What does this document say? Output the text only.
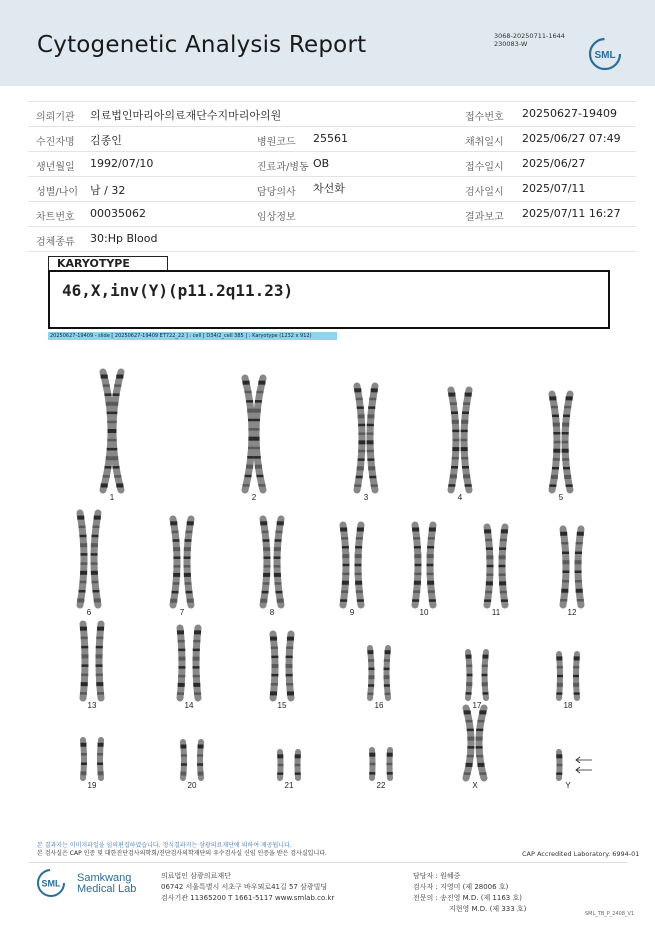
Cytogenetic Analysis Report	3068-20250711-1644
230083-W
SML
의뢰기관 의료법인마리아의료재단수지마리아의원	접수번호 20250627-19409
수진자명 김종인	병원코드 25561	채취일시 2025/06/27 07:49
생년월일 1992/07/10	진료과/병동 OB	접수일시 2025/06/27
성별/나이 남 / 32	담당의사 차선화	검사일시 2025/07/11
차트번호 00035062	임상정보	결과보고 2025/07/11 16:27
검체종류 30:Hp Blood
KARYOTYPE
46,X,inv(Y)(p11.2q11.23)
20250627-19409 - slide [ 20250627-19409 ET722_22 ] : cell [ D34/2_cell 385 ] : Karyotype (1232 x 912)
1	2	3	4	5
6	7	8	9	10	11	12
13	14	15	16	17	18
19	20	21	22	X	Y
본 결과지는 이미지파일을 임의편집하였습니다. 정식결과지는 삼광의료재단에 의하여 제공됩니다.
본 검사실은 CAP 인증 및 대한진단검사의학회/진단검사의학재단의 우수검사실 신임 인증을 받은 검사실입니다.	CAP Accredited Laboratory. 6994-01
SML Samkwang
Medical Lab
의료법인 삼광의료재단
06742 서울특별시 서초구 바우뫼로41길 57 삼광빌딩
검사기관 11365200 T 1661-5117 www.smlab.co.kr
담당자 : 원혜중
검사자 : 지영미 (제 28006 호)
전문의 : 송진영 M.D. (제 1163 호)
지현영 M.D. (제 333 호)
SML_TB_P_2408_V1
